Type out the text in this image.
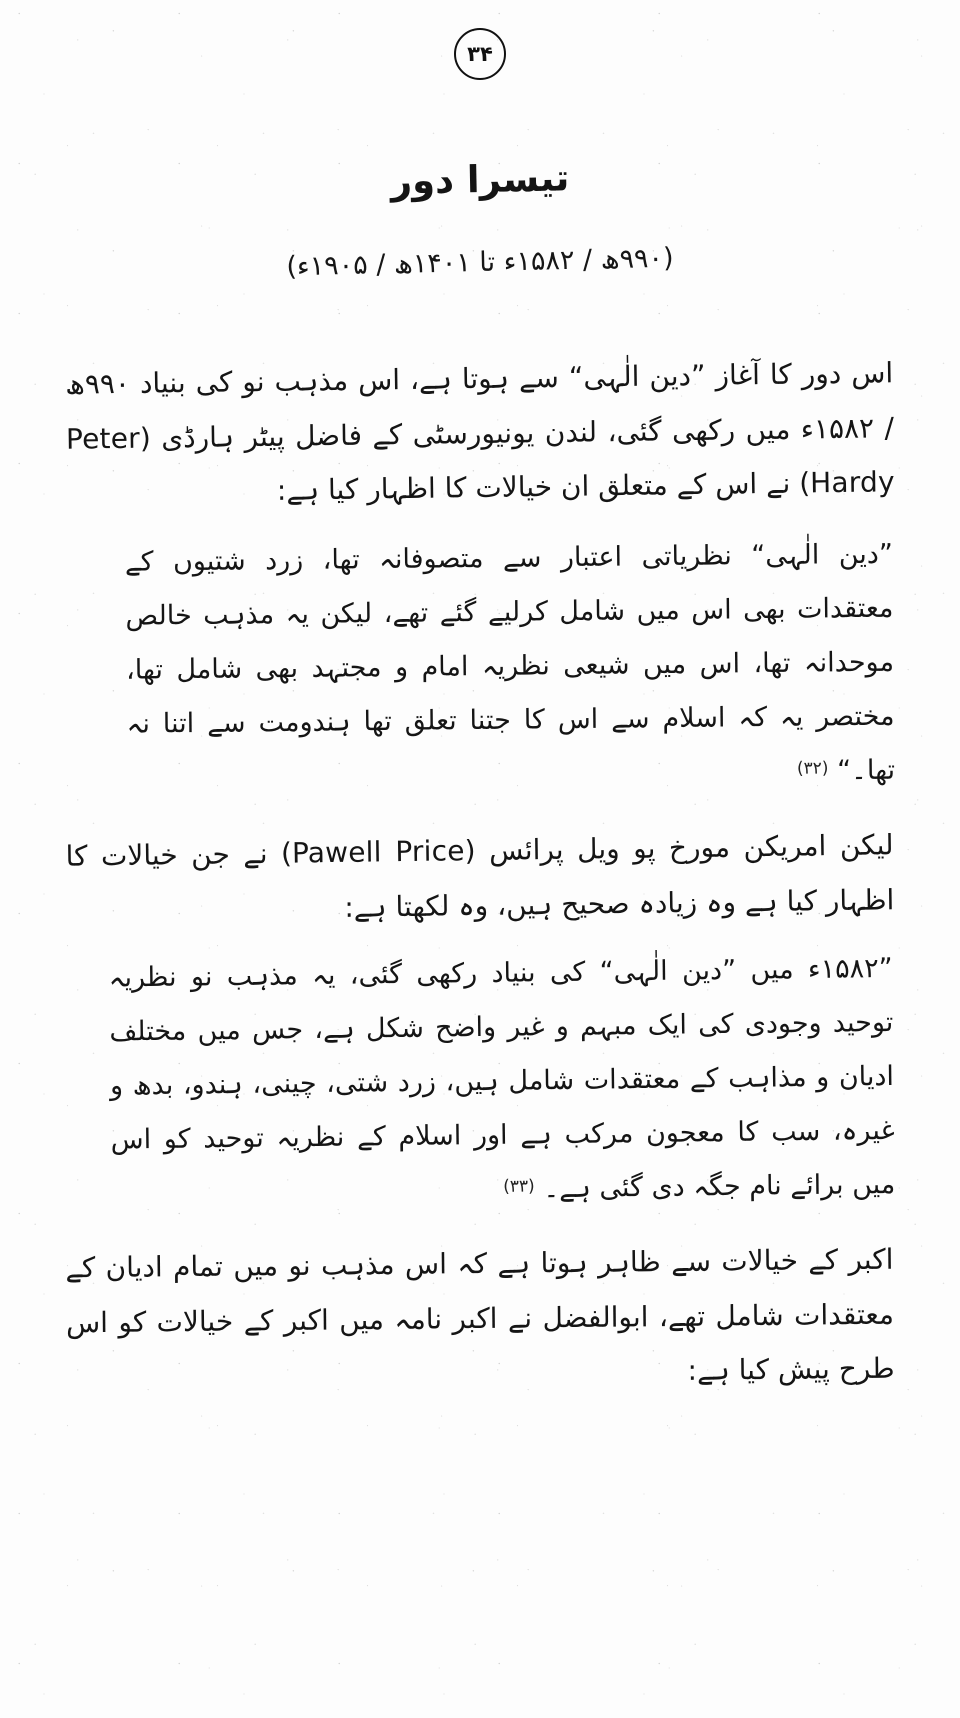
۳۴
تیسرا دور
(۹۹۰ھ / ۱۵۸۲ء تا ۱۴۰۱ھ / ۱۹۰۵ء)
اس دور کا آغاز ”دین الٰہی“ سے ہوتا ہے، اس مذہب نو کی بنیاد ۹۹۰ھ / ۱۵۸۲ء میں رکھی گئی، لندن یونیورسٹی کے فاضل پیٹر ہارڈی (Peter Hardy) نے اس کے متعلق ان خیالات کا اظہار کیا ہے:
”دین الٰہی“ نظریاتی اعتبار سے متصوفانہ تھا، زرد شتیوں کے معتقدات بھی اس میں شامل کرلیے گئے تھے، لیکن یہ مذہب خالص موحدانہ تھا، اس میں شیعی نظریہ امام و مجتہد بھی شامل تھا، مختصر یہ کہ اسلام سے اس کا جتنا تعلق تھا ہندومت سے اتنا نہ تھا۔“ $^{(۳۲)}$
لیکن امریکن مورخ پو ویل پرائس (Pawell Price) نے جن خیالات کا اظہار کیا ہے وہ زیادہ صحیح ہیں، وہ لکھتا ہے:
”۱۵۸۲ء میں ”دین الٰہی“ کی بنیاد رکھی گئی، یہ مذہب نو نظریہ توحید وجودی کی ایک مبہم و غیر واضح شکل ہے، جس میں مختلف ادیان و مذاہب کے معتقدات شامل ہیں، زرد شتی، چینی، ہندو، بدھ و غیرہ، سب کا معجون مرکب ہے اور اسلام کے نظریہ توحید کو اس میں برائے نام جگہ دی گئی ہے۔ $^{(۳۳)}$
اکبر کے خیالات سے ظاہر ہوتا ہے کہ اس مذہب نو میں تمام ادیان کے معتقدات شامل تھے، ابوالفضل نے اکبر نامہ میں اکبر کے خیالات کو اس طرح پیش کیا ہے:
